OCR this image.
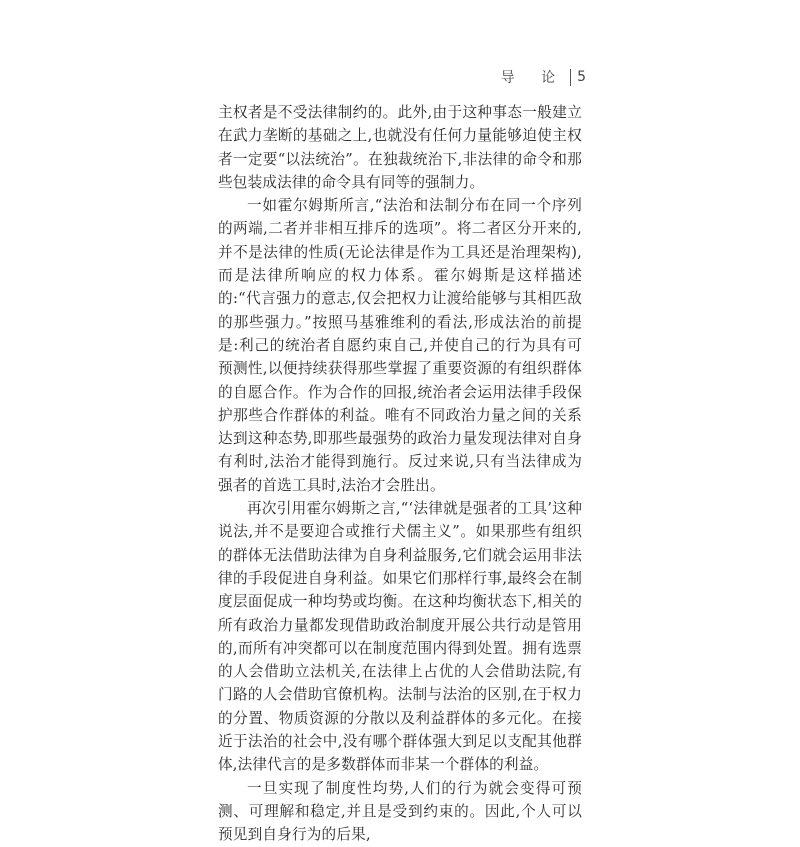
导 论 5

主权者是不受法律制约的。此外,由于这种事态一般建立在武力垄断的基础之上,也就没有任何力量能够迫使主权者一定要“以法统治”。在独裁统治下,非法律的命令和那些包装成法律的命令具有同等的强制力。

一如霍尔姆斯所言,“法治和法制分布在同一个序列的两端,二者并非相互排斥的选项”。将二者区分开来的,并不是法律的性质(无论法律是作为工具还是治理架构),而是法律所响应的权力体系。霍尔姆斯是这样描述的:“代言强力的意志,仅会把权力让渡给能够与其相匹敌的那些强力。”按照马基雅维利的看法,形成法治的前提是:利己的统治者自愿约束自己,并使自己的行为具有可预测性,以便持续获得那些掌握了重要资源的有组织群体的自愿合作。作为合作的回报,统治者会运用法律手段保护那些合作群体的利益。唯有不同政治力量之间的关系达到这种态势,即那些最强势的政治力量发现法律对自身有利时,法治才能得到施行。反过来说,只有当法律成为强者的首选工具时,法治才会胜出。

再次引用霍尔姆斯之言,“‘法律就是强者的工具’这种说法,并不是要迎合或推行犬儒主义”。如果那些有组织的群体无法借助法律为自身利益服务,它们就会运用非法律的手段促进自身利益。如果它们那样行事,最终会在制度层面促成一种均势或均衡。在这种均衡状态下,相关的所有政治力量都发现借助政治制度开展公共行动是管用的,而所有冲突都可以在制度范围内得到处置。拥有选票的人会借助立法机关,在法律上占优的人会借助法院,有门路的人会借助官僚机构。法制与法治的区别,在于权力的分置、物质资源的分散以及利益群体的多元化。在接近于法治的社会中,没有哪个群体强大到足以支配其他群体,法律代言的是多数群体而非某一个群体的利益。

一旦实现了制度性均势,人们的行为就会变得可预测、可理解和稳定,并且是受到约束的。因此,个人可以预见到自身行为的后果,
